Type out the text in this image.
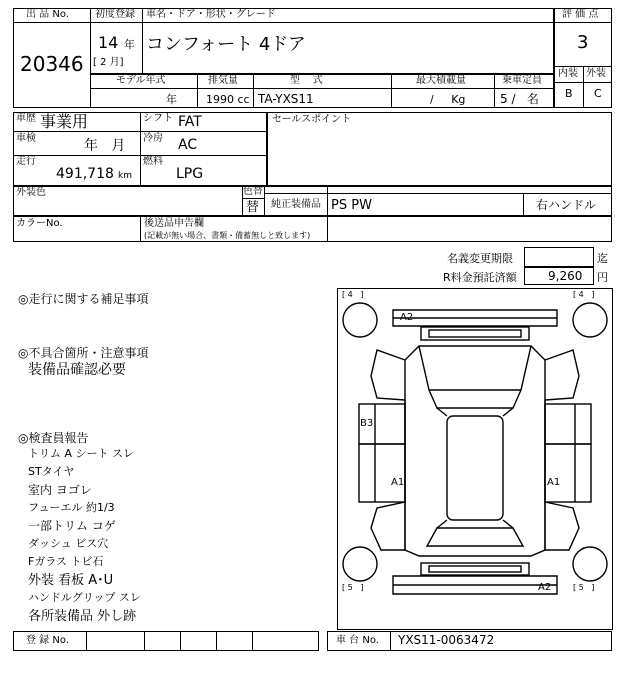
出 品 No.
20346
初度登録 車名・ドア・形状・グレード
14 年
[ 2 月]
コンフォート 4ドア
評 価 点
3
内装 外装
B C
モデル年式	排気量	型    式	最大積載量	乗車定員
年	1990 cc TA-YXS11	/     Kg	5 /   名
車歴 事業用	シフト FAT
車検	年   月 冷房 AC
走行
491,718 km
燃料
LPG
セールスポイント
外装色	色替
替 純正装備品 PS PW	右ハンドル
カラーNo.	後送品申告欄
(記載が無い場合、書類・備蓄無しと致します)
名義変更期限	迄
R料金預託済額	9,260 円
◎走行に関する補足事項
◎不具合箇所・注意事項
装備品確認必要
◎検査員報告
トリム A シート スレ
STタイヤ
室内 ヨゴレ
フューエル 約1/3
一部トリム コゲ
ダッシュ ビス穴
Fガラス トビ石
外装 看板 A･U
ハンドルグリップ スレ
各所装備品 外し跡
[ 4   ]	[ 4   ]
[ 5   ]	[ 5   ]
A2
A2
B3
A1	A1
登 録 No.	車 台 No. YXS11-0063472
